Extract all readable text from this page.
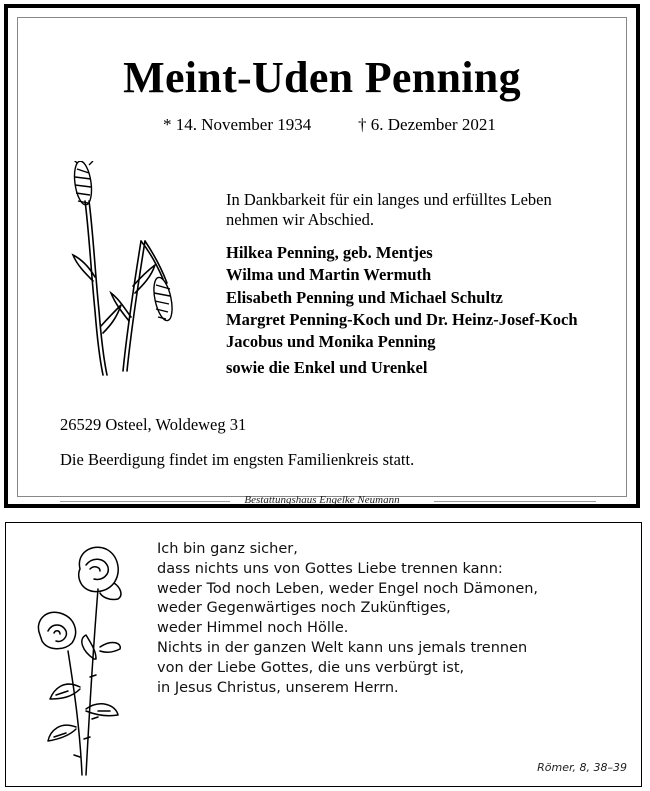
Meint-Uden Penning
* 14. November 1934	† 6. Dezember 2021
In Dankbarkeit für ein langes und erfülltes Leben
nehmen wir Abschied.
Hilkea Penning, geb. Mentjes
Wilma und Martin Wermuth
Elisabeth Penning und Michael Schultz
Margret Penning-Koch und Dr. Heinz-Josef-Koch
Jacobus und Monika Penning
sowie die Enkel und Urenkel
26529 Osteel, Woldeweg 31
Die Beerdigung findet im engsten Familienkreis statt.
Bestattungshaus Engelke Neumann
Ich bin ganz sicher,
dass nichts uns von Gottes Liebe trennen kann:
weder Tod noch Leben, weder Engel noch Dämonen,
weder Gegenwärtiges noch Zukünftiges,
weder Himmel noch Hölle.
Nichts in der ganzen Welt kann uns jemals trennen
von der Liebe Gottes, die uns verbürgt ist,
in Jesus Christus, unserem Herrn.
Römer, 8, 38–39
